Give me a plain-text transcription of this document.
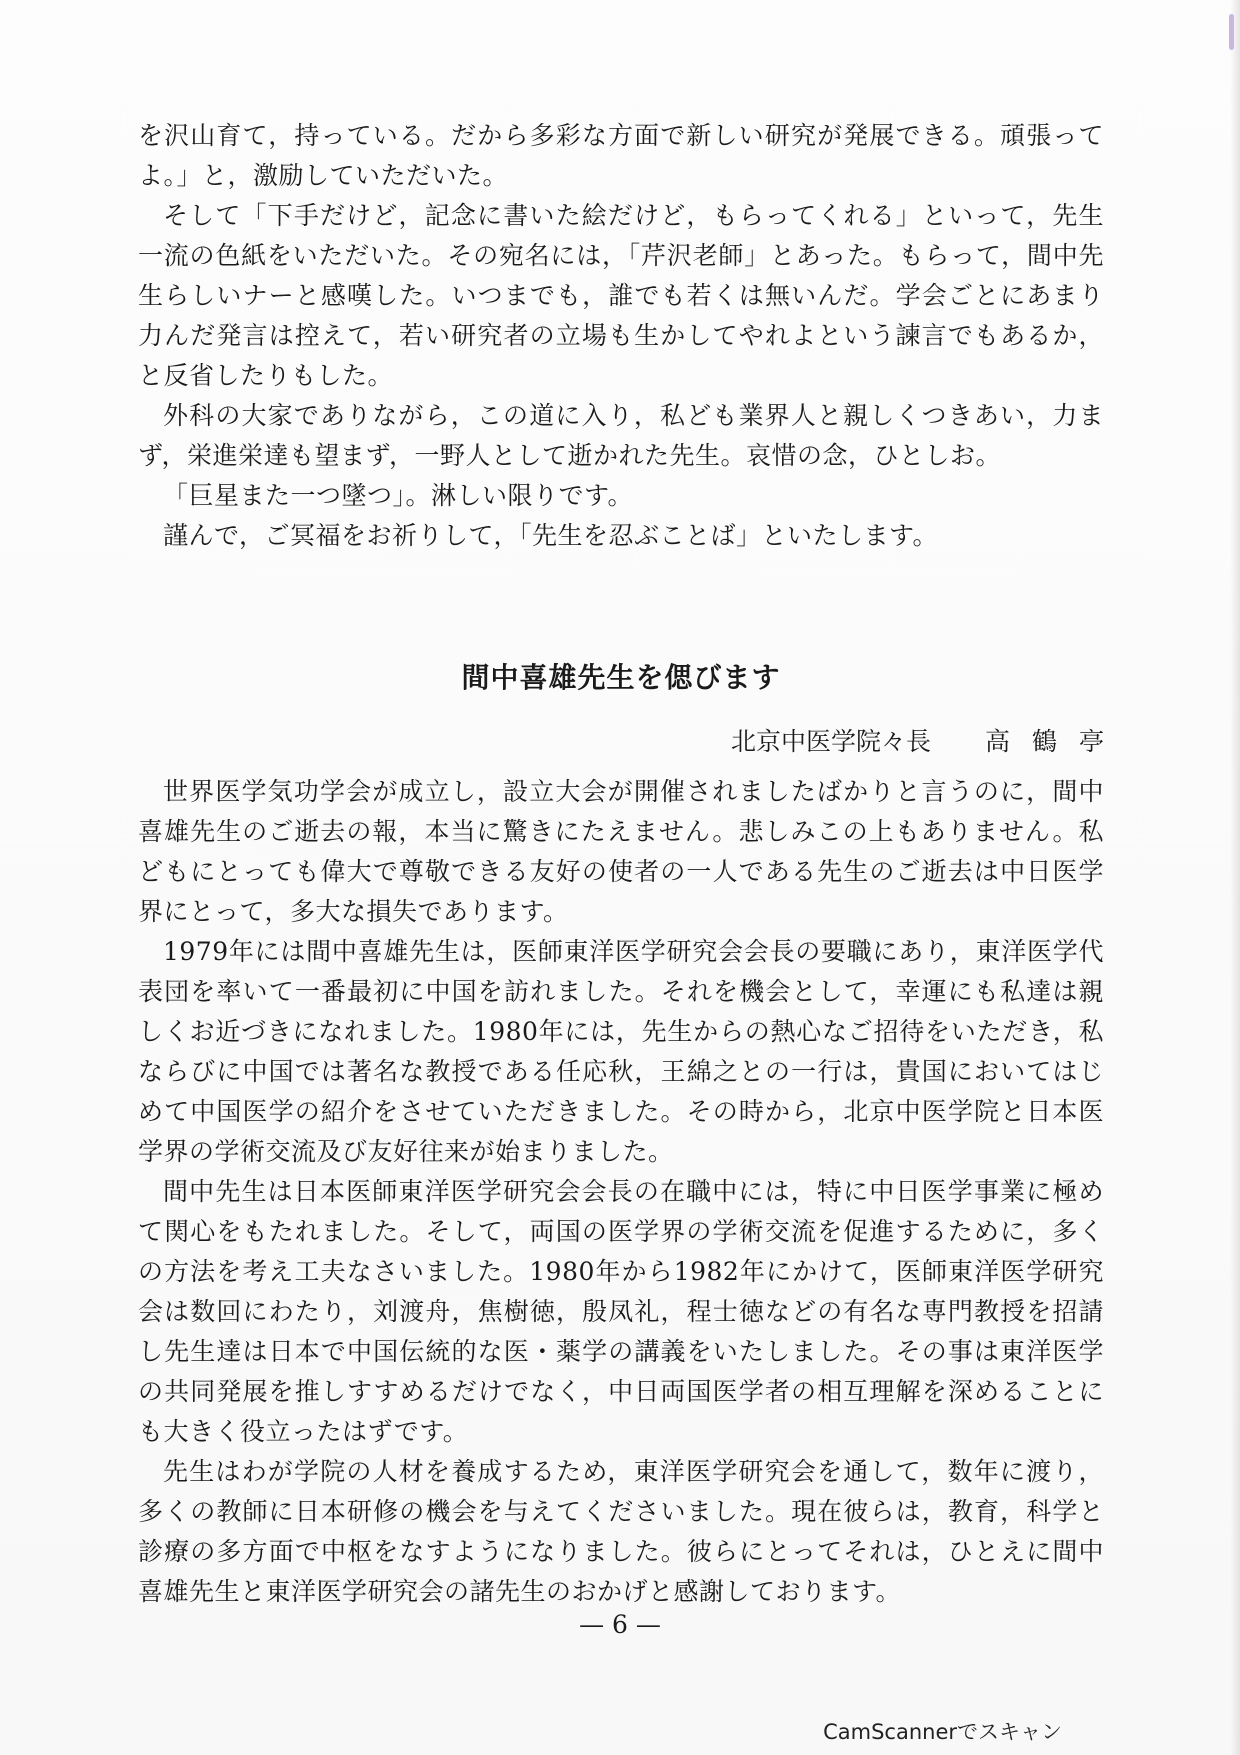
を沢山育て，持っている。だから多彩な方面で新しい研究が発展できる。頑張ってよ。」と，激励していただいた。

そして「下手だけど，記念に書いた絵だけど，もらってくれる」といって，先生一流の色紙をいただいた。その宛名には，「芹沢老師」とあった。もらって，間中先生らしいナーと感嘆した。いつまでも，誰でも若くは無いんだ。学会ごとにあまり力んだ発言は控えて，若い研究者の立場も生かしてやれよという諫言でもあるか，と反省したりもした。

外科の大家でありながら，この道に入り，私ども業界人と親しくつきあい，力まず，栄進栄達も望まず，一野人として逝かれた先生。哀惜の念，ひとしお。

「巨星また一つ墜つ」。淋しい限りです。

謹んで，ご冥福をお祈りして，「先生を忍ぶことば」といたします。

間中喜雄先生を偲びます
北京中医学院々長 高鶴亭

世界医学気功学会が成立し，設立大会が開催されましたばかりと言うのに，間中喜雄先生のご逝去の報，本当に驚きにたえません。悲しみこの上もありません。私どもにとっても偉大で尊敬できる友好の使者の一人である先生のご逝去は中日医学界にとって，多大な損失であります。

1979年には間中喜雄先生は，医師東洋医学研究会会長の要職にあり，東洋医学代表団を率いて一番最初に中国を訪れました。それを機会として，幸運にも私達は親しくお近づきになれました。1980年には，先生からの熱心なご招待をいただき，私ならびに中国では著名な教授である任応秋，王綿之との一行は，貴国においてはじめて中国医学の紹介をさせていただきました。その時から，北京中医学院と日本医学界の学術交流及び友好往来が始まりました。

間中先生は日本医師東洋医学研究会会長の在職中には，特に中日医学事業に極めて関心をもたれました。そして，両国の医学界の学術交流を促進するために，多くの方法を考え工夫なさいました。1980年から1982年にかけて，医師東洋医学研究会は数回にわたり，刘渡舟，焦樹徳，殷凤礼，程士徳などの有名な専門教授を招請し先生達は日本で中国伝統的な医・薬学の講義をいたしました。その事は東洋医学の共同発展を推しすすめるだけでなく，中日両国医学者の相互理解を深めることにも大きく役立ったはずです。

先生はわが学院の人材を養成するため，東洋医学研究会を通して，数年に渡り，多くの教師に日本研修の機会を与えてくださいました。現在彼らは，教育，科学と診療の多方面で中枢をなすようになりました。彼らにとってそれは，ひとえに間中喜雄先生と東洋医学研究会の諸先生のおかげと感謝しております。

— 6 —
CamScannerでスキャン
